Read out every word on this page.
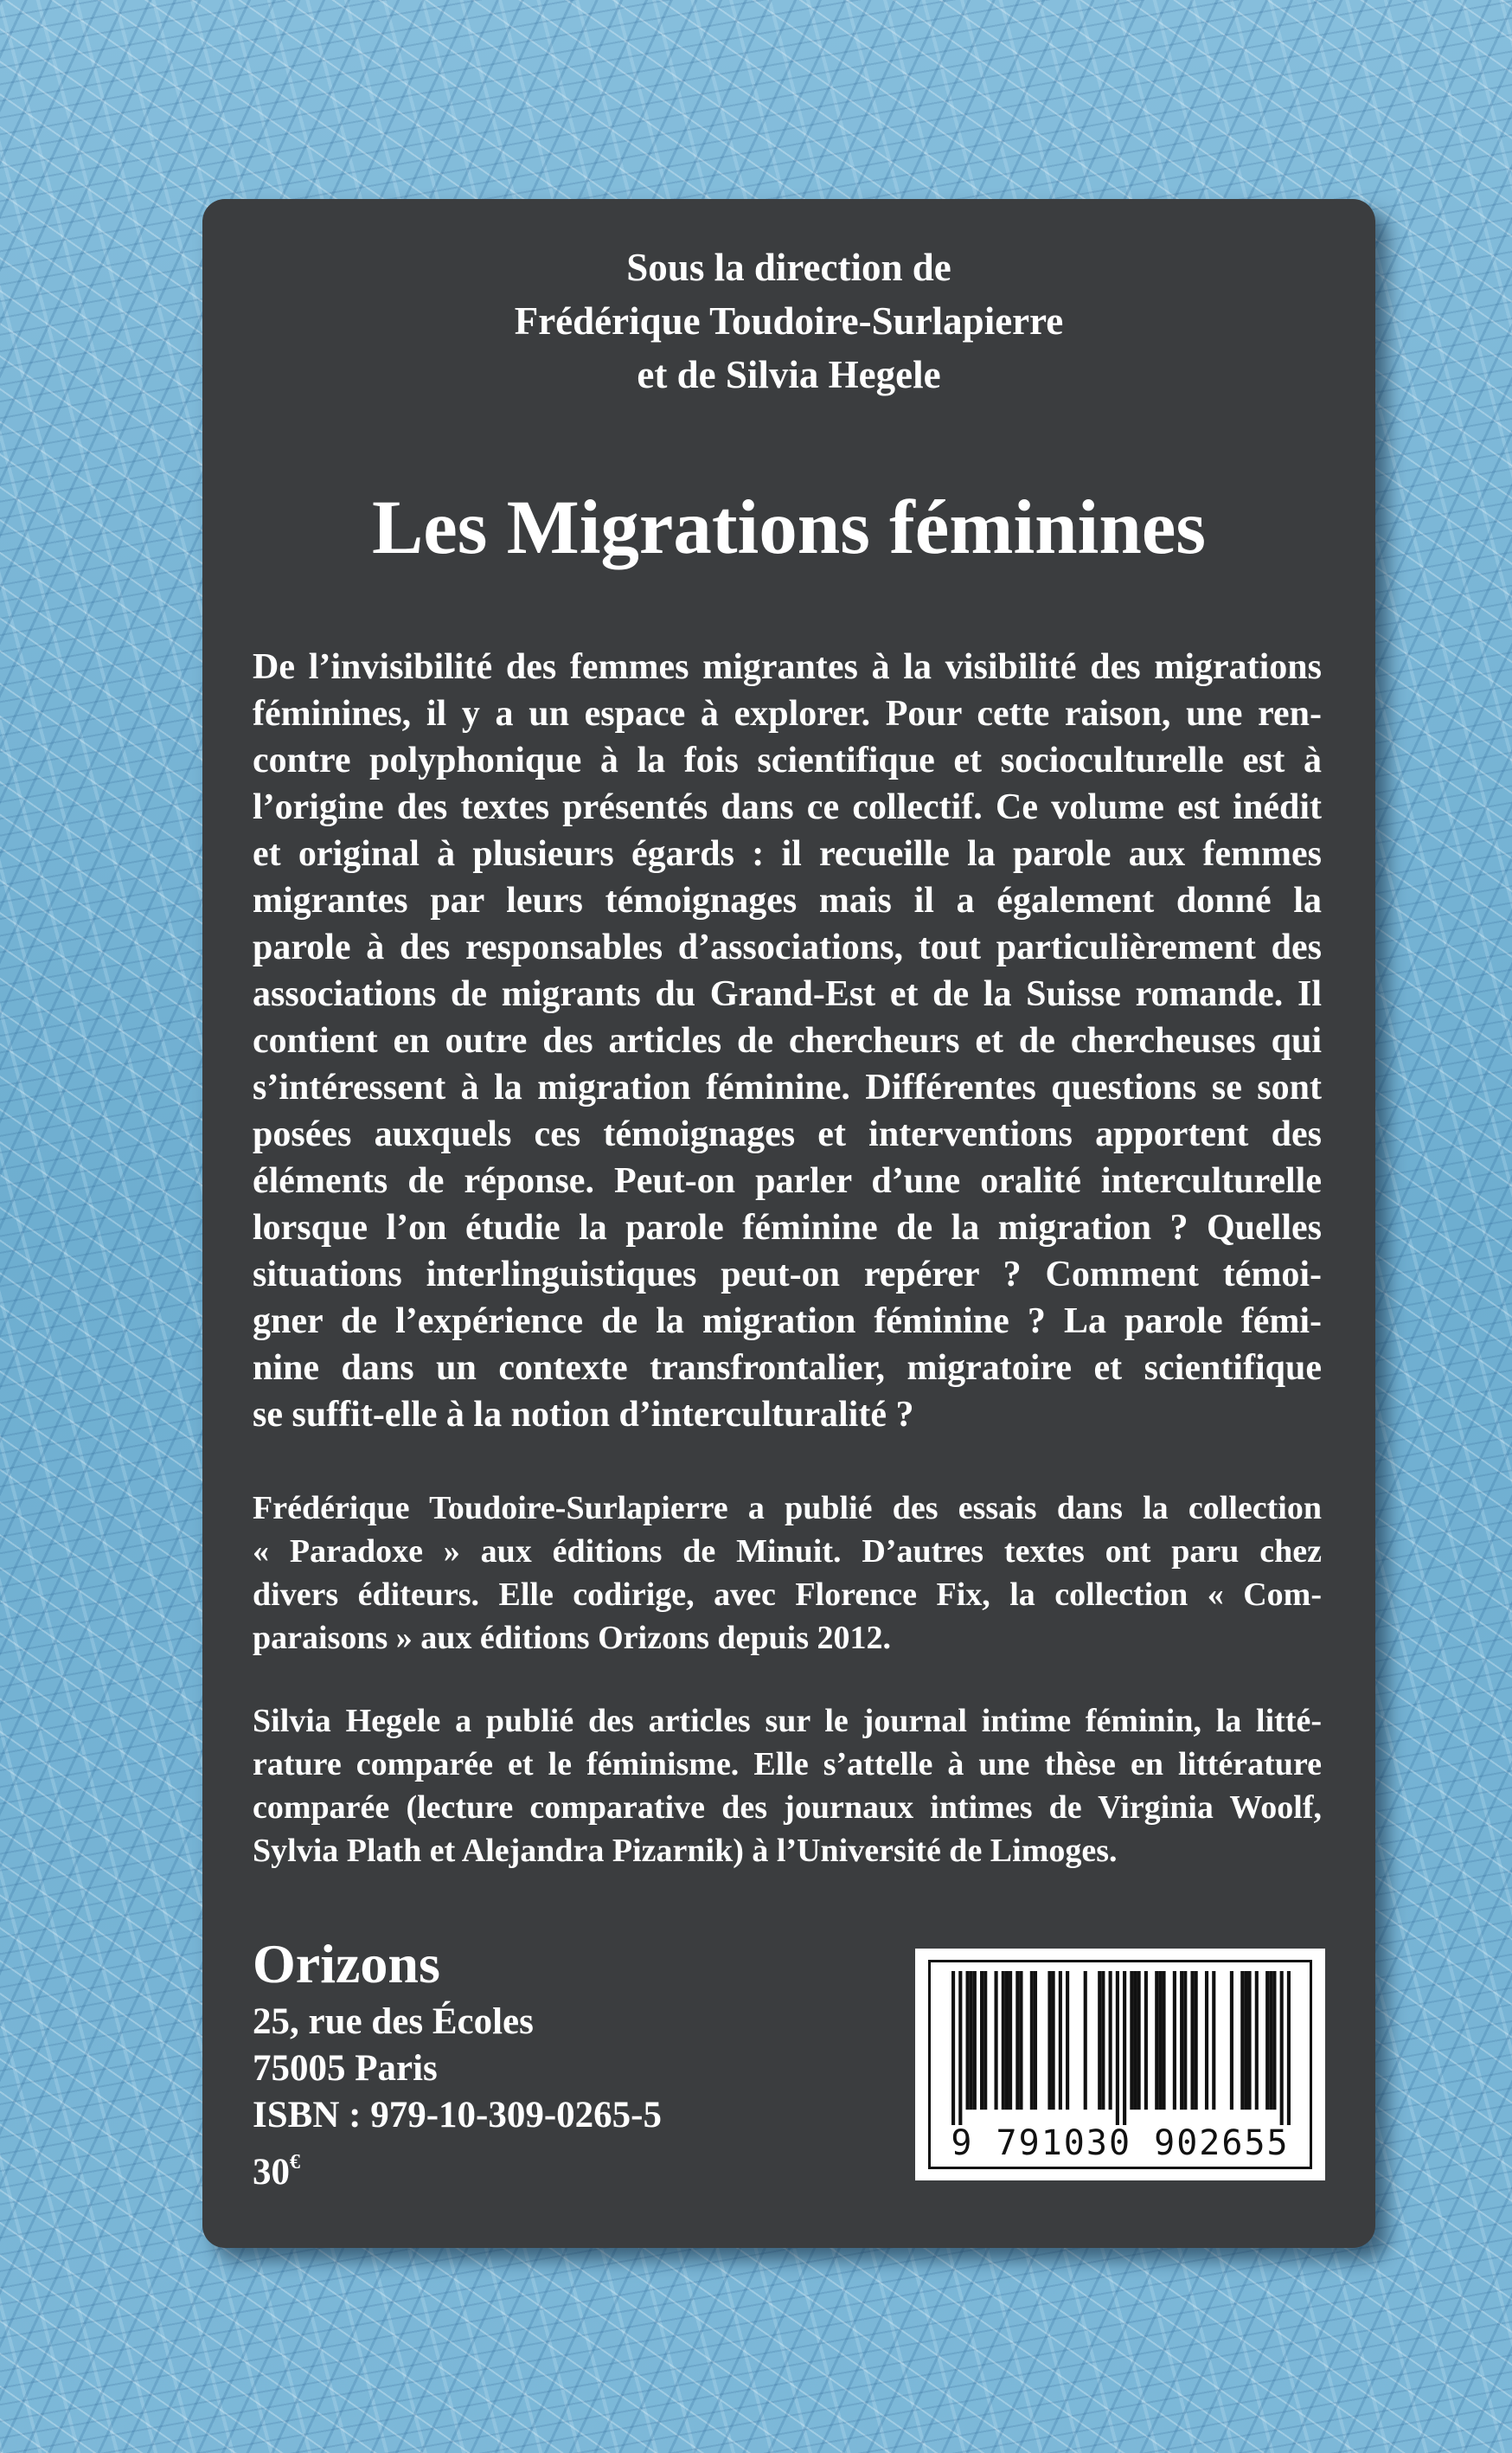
Sous la direction de
Frédérique Toudoire-Surlapierre
et de Silvia Hegele
Les Migrations féminines
De l’invisibilité des femmes migrantes à la visibilité des migrations
féminines, il y a un espace à explorer. Pour cette raison, une ren-
contre polyphonique à la fois scientifique et socioculturelle est à
l’origine des textes présentés dans ce collectif. Ce volume est inédit
et original à plusieurs égards : il recueille la parole aux femmes
migrantes par leurs témoignages mais il a également donné la
parole à des responsables d’associations, tout particulièrement des
associations de migrants du Grand-Est et de la Suisse romande. Il
contient en outre des articles de chercheurs et de chercheuses qui
s’intéressent à la migration féminine. Différentes questions se sont
posées auxquels ces témoignages et interventions apportent des
éléments de réponse. Peut-on parler d’une oralité interculturelle
lorsque l’on étudie la parole féminine de la migration ? Quelles
situations interlinguistiques peut-on repérer ? Comment témoi-
gner de l’expérience de la migration féminine ? La parole fémi-
nine dans un contexte transfrontalier, migratoire et scientifique
se suffit-elle à la notion d’interculturalité ?
Frédérique Toudoire-Surlapierre a publié des essais dans la collection
« Paradoxe » aux éditions de Minuit. D’autres textes ont paru chez
divers éditeurs. Elle codirige, avec Florence Fix, la collection « Com-
paraisons » aux éditions Orizons depuis 2012.
Silvia Hegele a publié des articles sur le journal intime féminin, la litté-
rature comparée et le féminisme. Elle s’attelle à une thèse en littérature
comparée (lecture comparative des journaux intimes de Virginia Woolf,
Sylvia Plath et Alejandra Pizarnik) à l’Université de Limoges.
Orizons
25, rue des Écoles
75005 Paris
ISBN : 979-10-309-0265-5
30€	9 791030 902655
